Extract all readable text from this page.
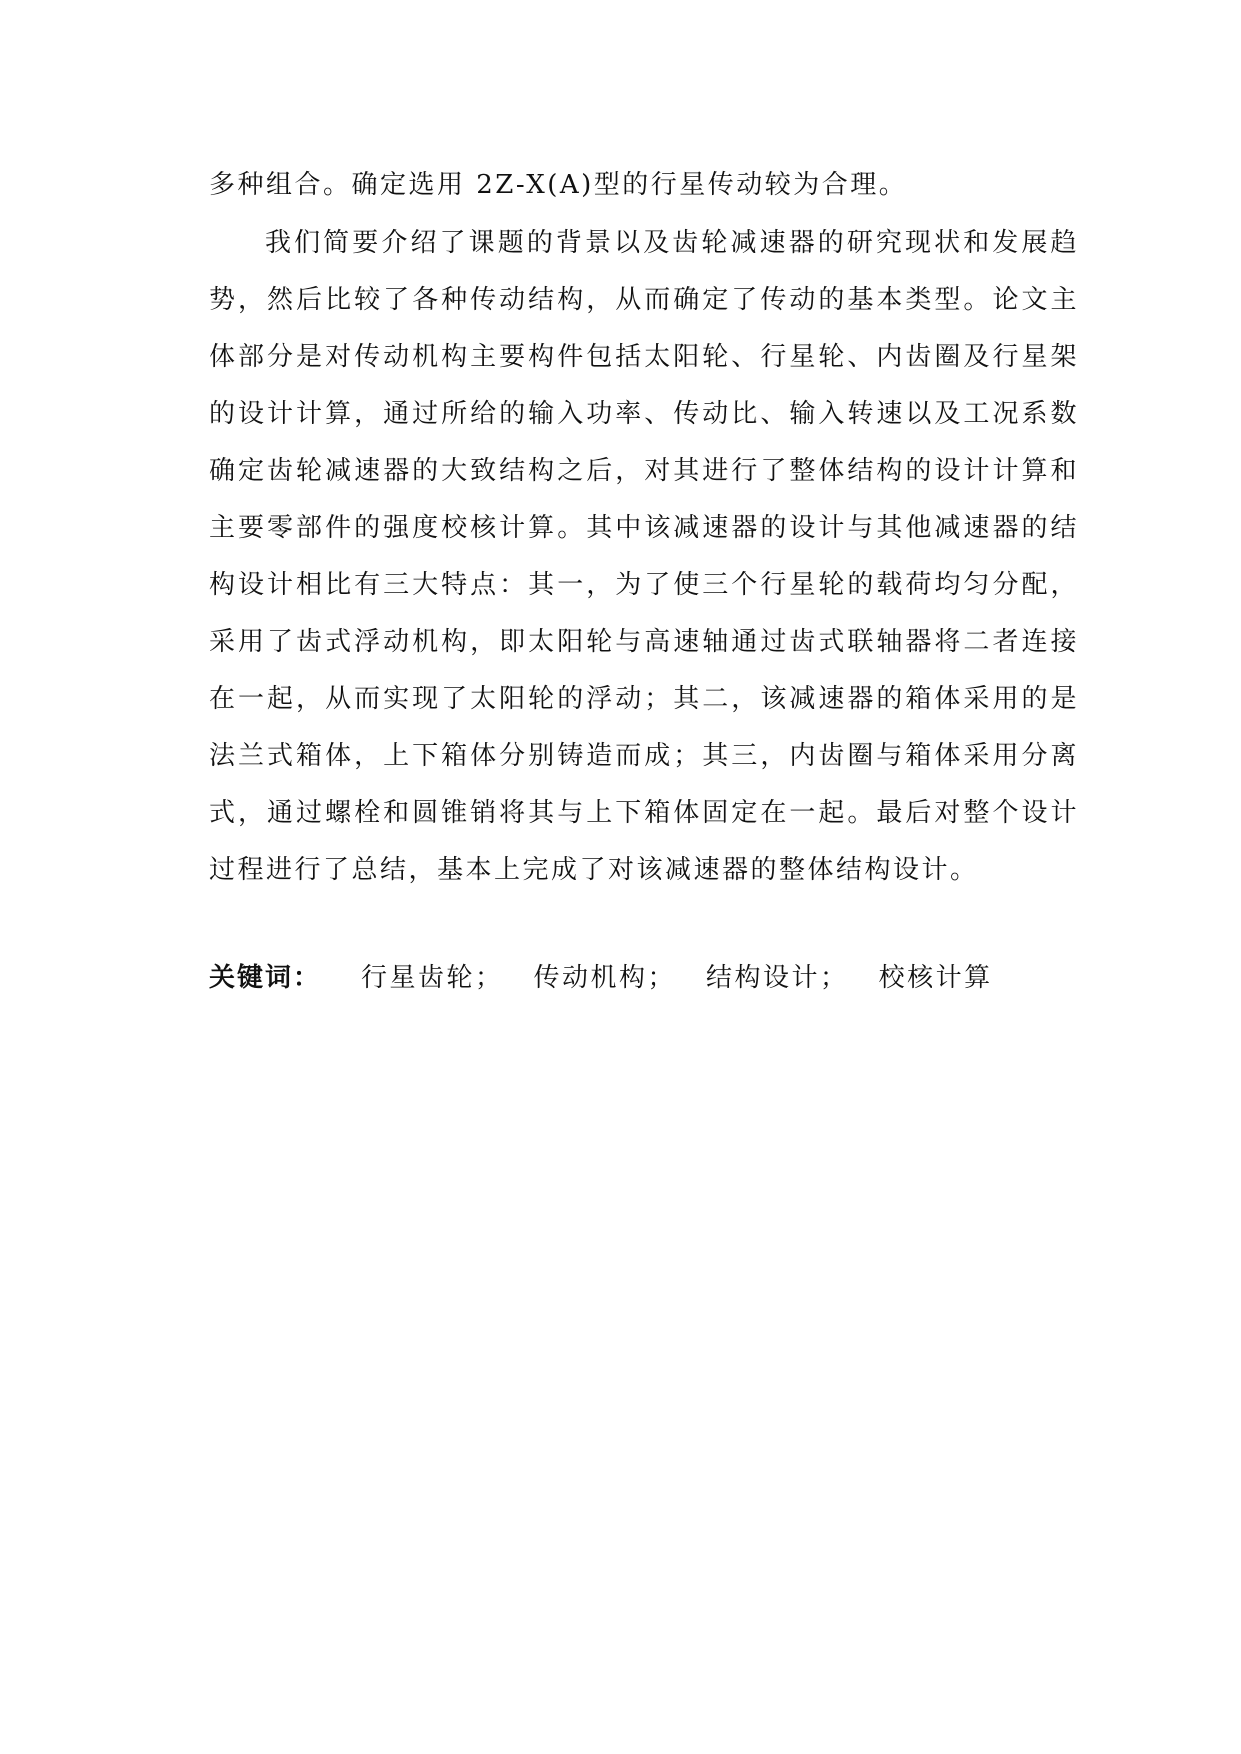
多种组合。确定选用 2Z-X(A)型的行星传动较为合理。
我们简要介绍了课题的背景以及齿轮减速器的研究现状和发展趋
势，然后比较了各种传动结构，从而确定了传动的基本类型。论文主
体部分是对传动机构主要构件包括太阳轮、行星轮、内齿圈及行星架
的设计计算，通过所给的输入功率、传动比、输入转速以及工况系数
确定齿轮减速器的大致结构之后，对其进行了整体结构的设计计算和
主要零部件的强度校核计算。其中该减速器的设计与其他减速器的结
构设计相比有三大特点：其一，为了使三个行星轮的载荷均匀分配，
采用了齿式浮动机构，即太阳轮与高速轴通过齿式联轴器将二者连接
在一起，从而实现了太阳轮的浮动；其二，该减速器的箱体采用的是
法兰式箱体，上下箱体分别铸造而成；其三，内齿圈与箱体采用分离
式，通过螺栓和圆锥销将其与上下箱体固定在一起。最后对整个设计
过程进行了总结，基本上完成了对该减速器的整体结构设计。
关键词： 行星齿轮； 传动机构； 结构设计； 校核计算
